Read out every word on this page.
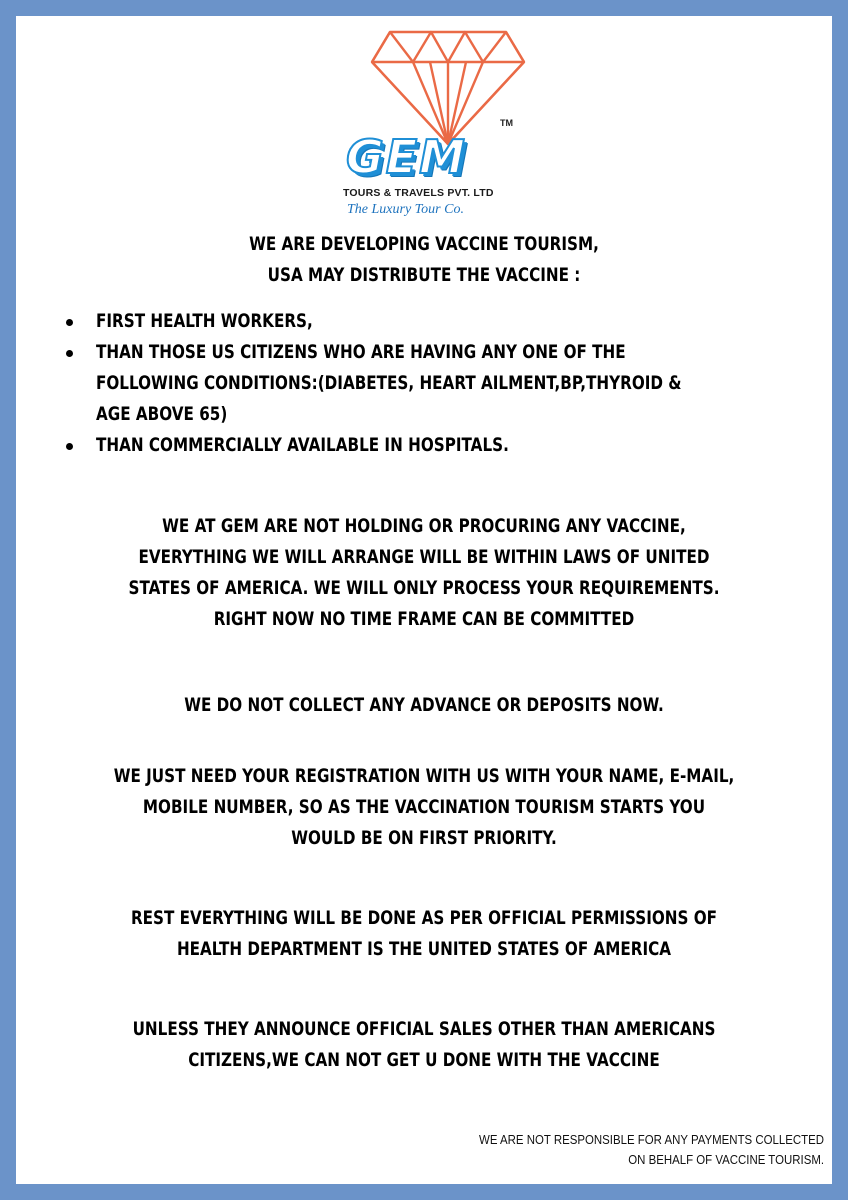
GEM
TM
TOURS & TRAVELS PVT. LTD
The Luxury Tour Co.
WE ARE DEVELOPING VACCINE TOURISM,
USA MAY DISTRIBUTE THE VACCINE :
FIRST HEALTH WORKERS,
THAN THOSE US CITIZENS WHO ARE HAVING ANY ONE OF THE
FOLLOWING CONDITIONS:(DIABETES, HEART AILMENT,BP,THYROID &
AGE ABOVE 65)
THAN COMMERCIALLY AVAILABLE IN HOSPITALS.
WE AT GEM ARE NOT HOLDING OR PROCURING ANY VACCINE,
EVERYTHING WE WILL ARRANGE WILL BE WITHIN LAWS OF UNITED
STATES OF AMERICA. WE WILL ONLY PROCESS YOUR REQUIREMENTS.
RIGHT NOW NO TIME FRAME CAN BE COMMITTED
WE DO NOT COLLECT ANY ADVANCE OR DEPOSITS NOW.
WE JUST NEED YOUR REGISTRATION WITH US WITH YOUR NAME, E-MAIL,
MOBILE NUMBER, SO AS THE VACCINATION TOURISM STARTS YOU
WOULD BE ON FIRST PRIORITY.
REST EVERYTHING WILL BE DONE AS PER OFFICIAL PERMISSIONS OF
HEALTH DEPARTMENT IS THE UNITED STATES OF AMERICA
UNLESS THEY ANNOUNCE OFFICIAL SALES OTHER THAN AMERICANS
CITIZENS,WE CAN NOT GET U DONE WITH THE VACCINE
WE ARE NOT RESPONSIBLE FOR ANY PAYMENTS COLLECTED
ON BEHALF OF VACCINE TOURISM.
